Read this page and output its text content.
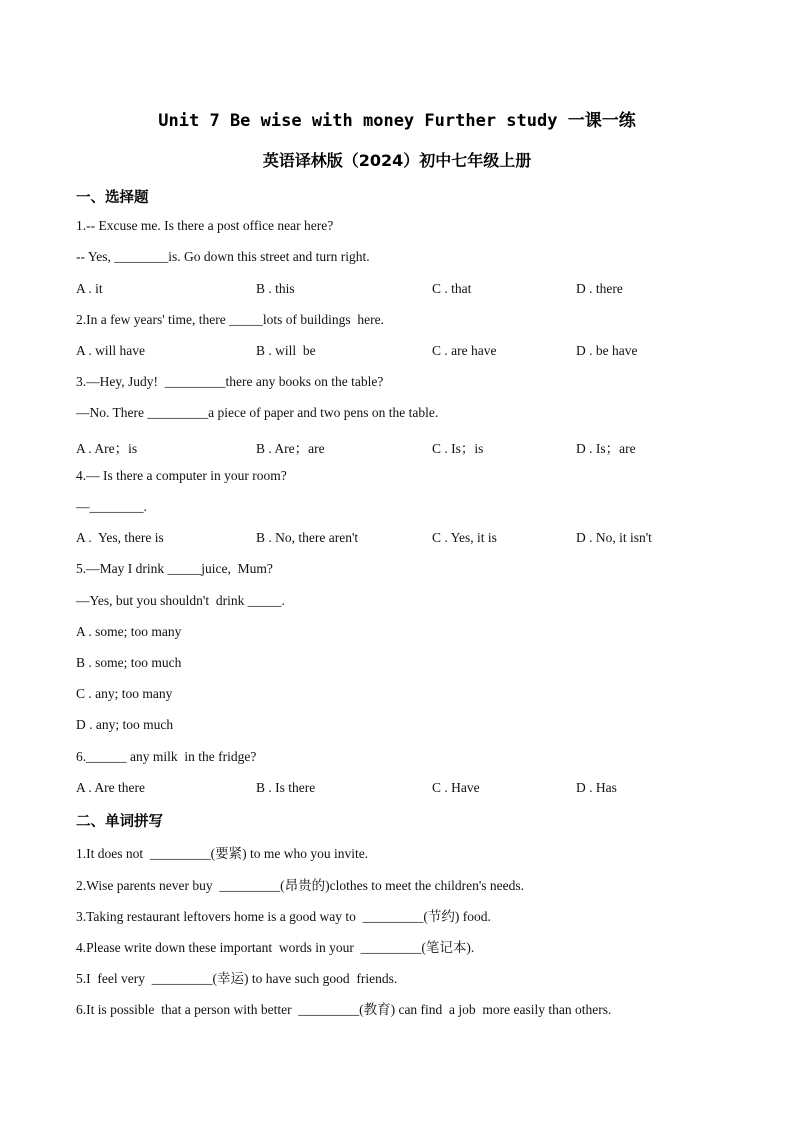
Unit 7 Be wise with money Further study 一课一练
英语译林版（2024）初中七年级上册
一、选择题
1.-- Excuse me. Is there a post office near here?
-- Yes, ________is. Go down this street and turn right.
A . it	B . this	C . that	D . there
2.In a few years' time, there _____lots of buildings  here.
A . will have	B . will  be	C . are have	D . be have
3.—Hey, Judy!  _________there any books on the table?
—No. There _________a piece of paper and two pens on the table.
A . Are；is	B . Are；are	C . Is；is	D . Is；are
4.— Is there a computer in your room?
—________.
A .  Yes, there is	B . No, there aren't	C . Yes, it is	D . No, it isn't
5.—May I drink _____juice,  Mum?
—Yes, but you shouldn't  drink _____.
A . some; too many
B . some; too much
C . any; too many
D . any; too much
6.______ any milk  in the fridge?
A . Are there	B . Is there	C . Have	D . Has
二、单词拼写
1.It does not  _________(要紧) to me who you invite.
2.Wise parents never buy  _________(昂贵的)clothes to meet the children's needs.
3.Taking restaurant leftovers home is a good way to  _________(节约) food.
4.Please write down these important  words in your  _________(笔记本).
5.I  feel very  _________(幸运) to have such good  friends.
6.It is possible  that a person with better  _________(教育) can find  a job  more easily than others.
